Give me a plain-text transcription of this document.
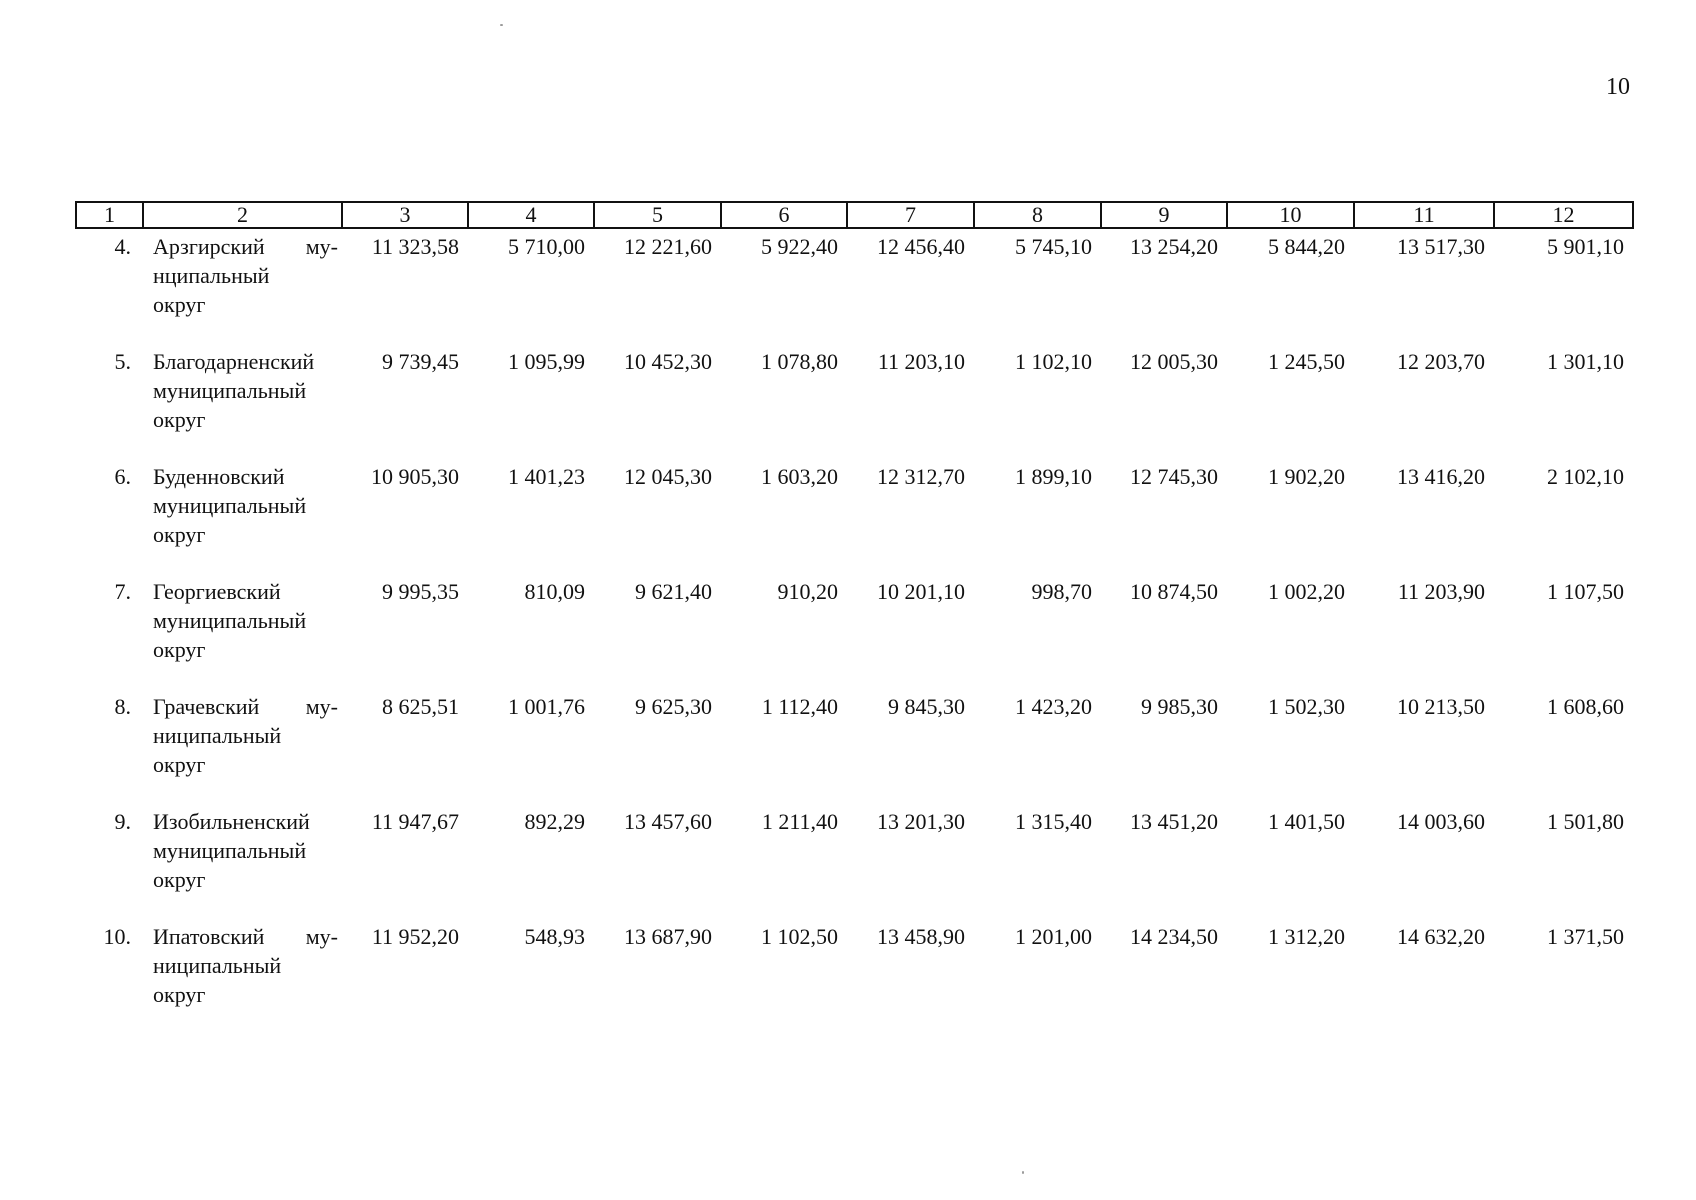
10
1	2	3	4	5	6	7	8	9	10	11	12
4.	Арзгирский му-
нципальный
округ	11 323,58	5 710,00	12 221,60	5 922,40	12 456,40	5 745,10	13 254,20	5 844,20	13 517,30	5 901,10
5.	Благодарненский
муниципальный
округ	9 739,45	1 095,99	10 452,30	1 078,80	11 203,10	1 102,10	12 005,30	1 245,50	12 203,70	1 301,10
6.	Буденновский
муниципальный
округ	10 905,30	1 401,23	12 045,30	1 603,20	12 312,70	1 899,10	12 745,30	1 902,20	13 416,20	2 102,10
7.	Георгиевский
муниципальный
округ	9 995,35	810,09	9 621,40	910,20	10 201,10	998,70	10 874,50	1 002,20	11 203,90	1 107,50
8.	Грачевский му-
ниципальный
округ	8 625,51	1 001,76	9 625,30	1 112,40	9 845,30	1 423,20	9 985,30	1 502,30	10 213,50	1 608,60
9.	Изобильненский
муниципальный
округ	11 947,67	892,29	13 457,60	1 211,40	13 201,30	1 315,40	13 451,20	1 401,50	14 003,60	1 501,80
10.	Ипатовский му-
ниципальный
округ	11 952,20	548,93	13 687,90	1 102,50	13 458,90	1 201,00	14 234,50	1 312,20	14 632,20	1 371,50
